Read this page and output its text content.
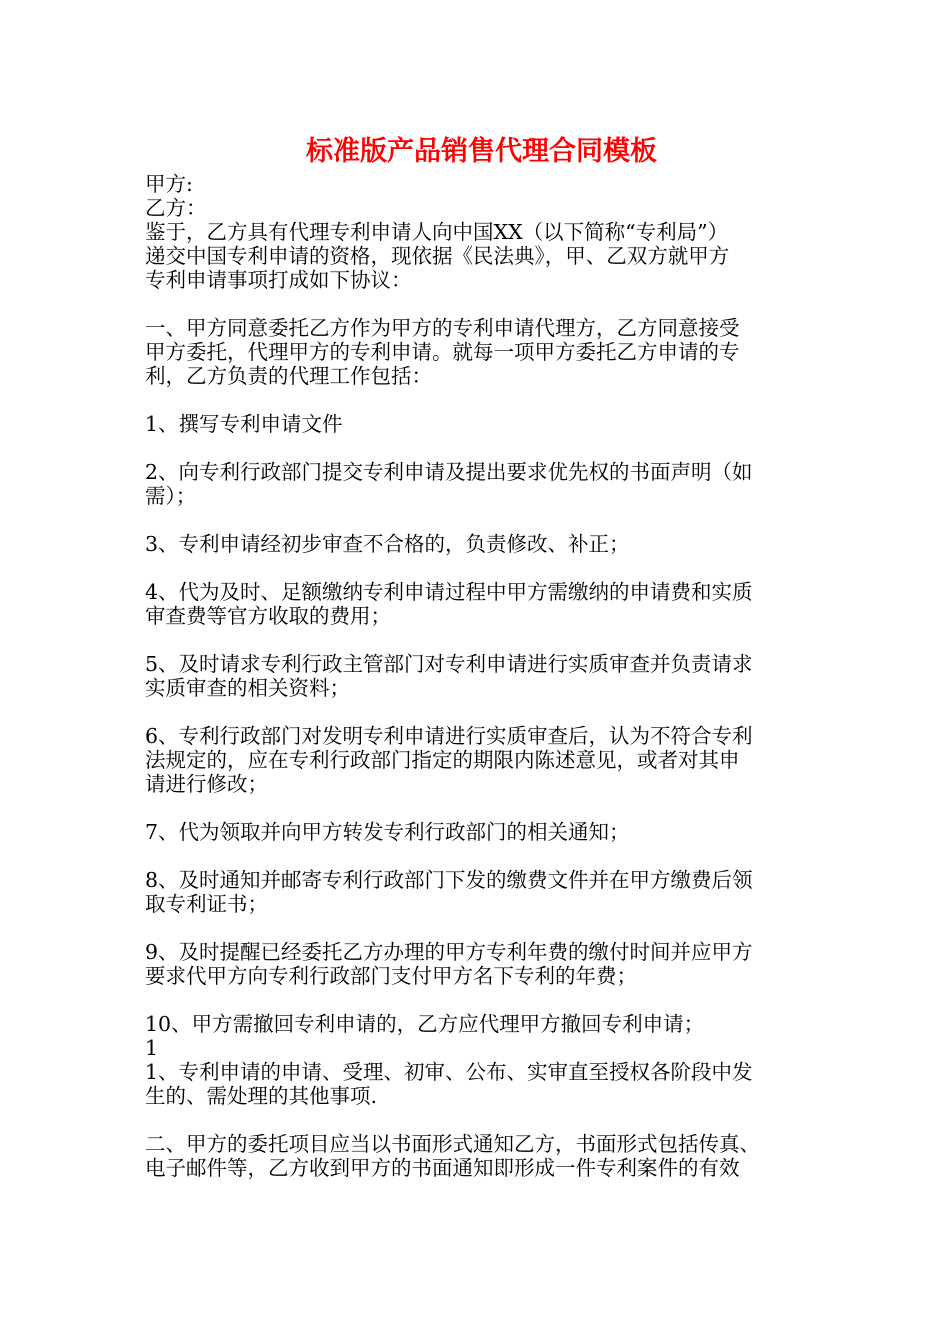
标准版产品销售代理合同模板

甲方:

乙方：

鉴于，乙方具有代理专利申请人向中国XX（以下简称“专利局”）

递交中国专利申请的资格，现依据《民法典》，甲、乙双方就甲方

专利申请事项打成如下协议：

一、甲方同意委托乙方作为甲方的专利申请代理方，乙方同意接受

甲方委托，代理甲方的专利申请。就每一项甲方委托乙方申请的专

利，乙方负责的代理工作包括：

1、撰写专利申请文件

2、向专利行政部门提交专利申请及提出要求优先权的书面声明（如

需）；

3、专利申请经初步审查不合格的，负责修改、补正；

4、代为及时、足额缴纳专利申请过程中甲方需缴纳的申请费和实质

审查费等官方收取的费用；

5、及时请求专利行政主管部门对专利申请进行实质审查并负责请求

实质审查的相关资料；

6、专利行政部门对发明专利申请进行实质审查后，认为不符合专利

法规定的，应在专利行政部门指定的期限内陈述意见，或者对其申

请进行修改；

7、代为领取并向甲方转发专利行政部门的相关通知；

8、及时通知并邮寄专利行政部门下发的缴费文件并在甲方缴费后领

取专利证书；

9、及时提醒已经委托乙方办理的甲方专利年费的缴付时间并应甲方

要求代甲方向专利行政部门支付甲方名下专利的年费；

10、甲方需撤回专利申请的，乙方应代理甲方撤回专利申请；

1

1、专利申请的申请、受理、初审、公布、实审直至授权各阶段中发

生的、需处理的其他事项.

二、甲方的委托项目应当以书面形式通知乙方，书面形式包括传真、

电子邮件等，乙方收到甲方的书面通知即形成一件专利案件的有效
